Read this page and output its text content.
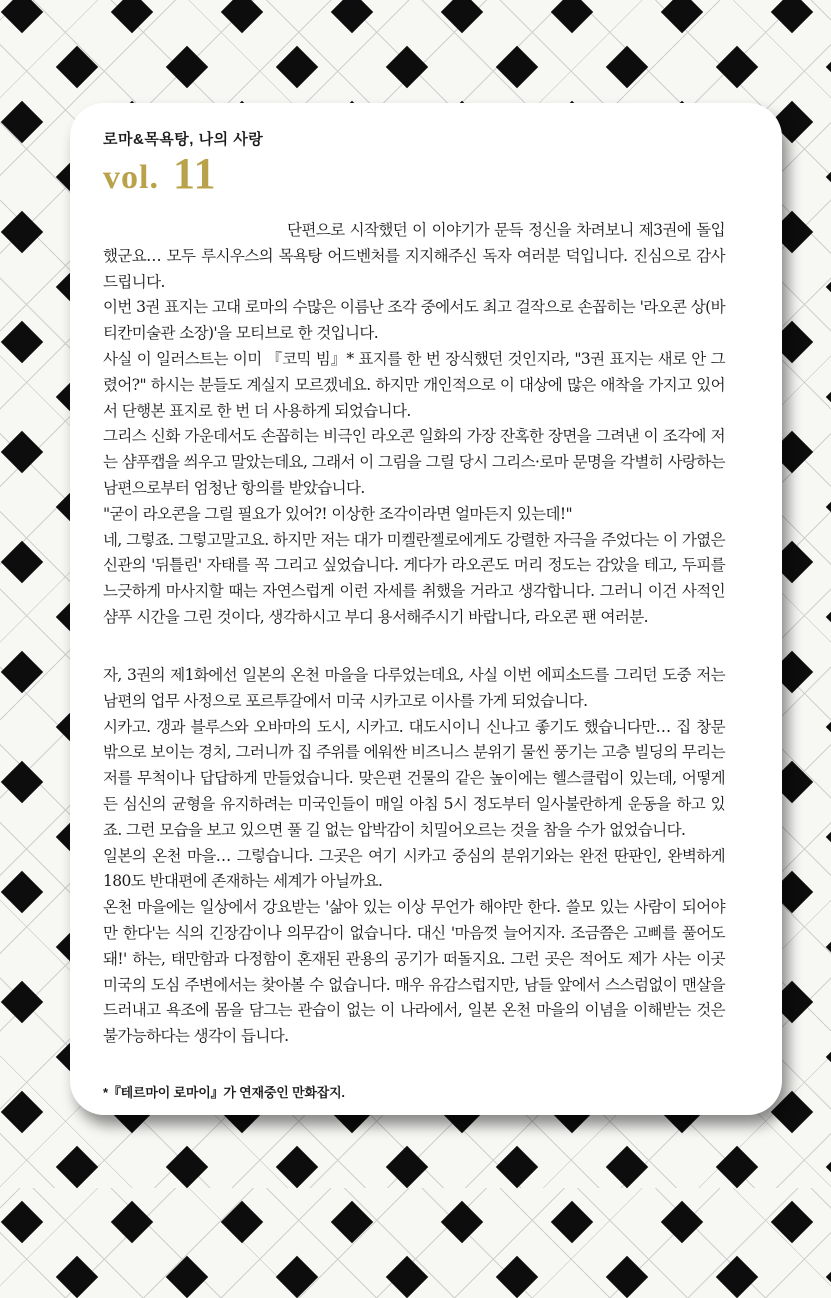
로마&목욕탕, 나의 사랑
vol. 11

단편으로 시작했던 이 이야기가 문득 정신을 차려보니 제3권에 돌입했군요… 모두 루시우스의 목욕탕 어드벤처를 지지해주신 독자 여러분 덕입니다. 진심으로 감사드립니다.

이번 3권 표지는 고대 로마의 수많은 이름난 조각 중에서도 최고 걸작으로 손꼽히는 '라오콘 상(바티칸미술관 소장)'을 모티브로 한 것입니다.

사실 이 일러스트는 이미 『코믹 빔』* 표지를 한 번 장식했던 것인지라, "3권 표지는 새로 안 그렸어?" 하시는 분들도 계실지 모르겠네요. 하지만 개인적으로 이 대상에 많은 애착을 가지고 있어서 단행본 표지로 한 번 더 사용하게 되었습니다.

그리스 신화 가운데서도 손꼽히는 비극인 라오콘 일화의 가장 잔혹한 장면을 그려낸 이 조각에 저는 샴푸캡을 씌우고 말았는데요, 그래서 이 그림을 그릴 당시 그리스·로마 문명을 각별히 사랑하는 남편으로부터 엄청난 항의를 받았습니다.

"굳이 라오콘을 그릴 필요가 있어?! 이상한 조각이라면 얼마든지 있는데!"

네, 그렇죠. 그렇고말고요. 하지만 저는 대가 미켈란젤로에게도 강렬한 자극을 주었다는 이 가엾은 신관의 '뒤틀린' 자태를 꼭 그리고 싶었습니다. 게다가 라오콘도 머리 정도는 감았을 테고, 두피를 느긋하게 마사지할 때는 자연스럽게 이런 자세를 취했을 거라고 생각합니다. 그러니 이건 사적인 샴푸 시간을 그린 것이다, 생각하시고 부디 용서해주시기 바랍니다, 라오콘 팬 여러분.

자, 3권의 제1화에선 일본의 온천 마을을 다루었는데요, 사실 이번 에피소드를 그리던 도중 저는 남편의 업무 사정으로 포르투갈에서 미국 시카고로 이사를 가게 되었습니다.

시카고. 갱과 블루스와 오바마의 도시, 시카고. 대도시이니 신나고 좋기도 했습니다만… 집 창문 밖으로 보이는 경치, 그러니까 집 주위를 에워싼 비즈니스 분위기 물씬 풍기는 고층 빌딩의 무리는 저를 무척이나 답답하게 만들었습니다. 맞은편 건물의 같은 높이에는 헬스클럽이 있는데, 어떻게든 심신의 균형을 유지하려는 미국인들이 매일 아침 5시 정도부터 일사불란하게 운동을 하고 있죠. 그런 모습을 보고 있으면 풀 길 없는 압박감이 치밀어오르는 것을 참을 수가 없었습니다.

일본의 온천 마을… 그렇습니다. 그곳은 여기 시카고 중심의 분위기와는 완전 딴판인, 완벽하게 180도 반대편에 존재하는 세계가 아닐까요.

온천 마을에는 일상에서 강요받는 '삶아 있는 이상 무언가 해야만 한다. 쓸모 있는 사람이 되어야만 한다'는 식의 긴장감이나 의무감이 없습니다. 대신 '마음껏 늘어지자. 조금쯤은 고삐를 풀어도 돼!' 하는, 태만함과 다정함이 혼재된 관용의 공기가 떠돌지요. 그런 곳은 적어도 제가 사는 이곳 미국의 도심 주변에서는 찾아볼 수 없습니다. 매우 유감스럽지만, 남들 앞에서 스스럼없이 맨살을 드러내고 욕조에 몸을 담그는 관습이 없는 이 나라에서, 일본 온천 마을의 이념을 이해받는 것은 불가능하다는 생각이 듭니다.

*『테르마이 로마이』가 연재중인 만화잡지.
